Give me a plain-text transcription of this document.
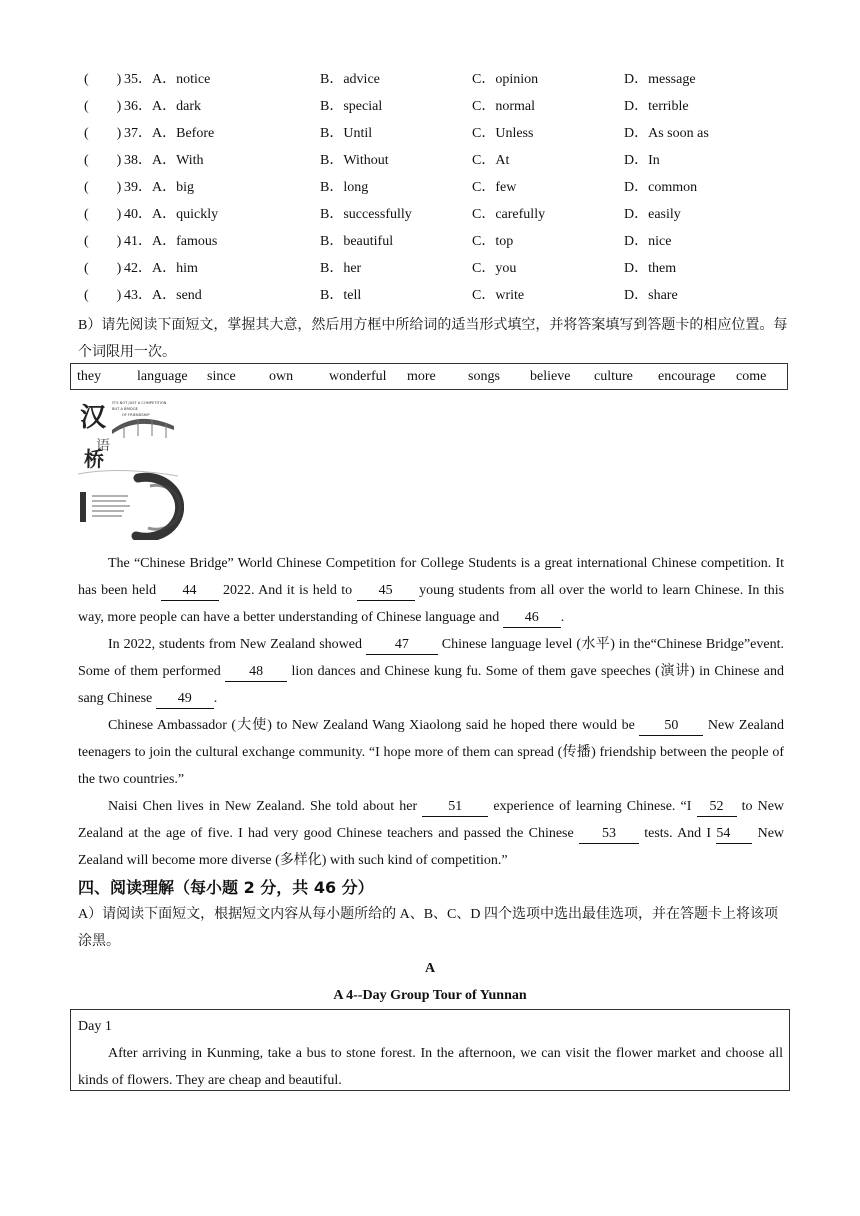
(　　) 35．A．notice	B．advice	C．opinion	D．message
(　　) 36．A．dark	B．special	C．normal	D．terrible
(　　) 37．A．Before	B．Until	C．Unless	D．As soon as
(　　) 38．A．With	B．Without	C．At	D．In
(　　) 39．A．big	B．long	C．few	D．common
(　　) 40．A．quickly	B．successfully	C．carefully	D．easily
(　　) 41．A．famous	B．beautiful	C．top	D．nice
(　　) 42．A．him	B．her	C．you	D．them
(　　) 43．A．send	B．tell	C．write	D．share
B）请先阅读下面短文，掌握其大意，然后用方框中所给词的适当形式填空，并将答案填写到答题卡的相应位置。每个词限用一次。
they	language since own	wonderful more songs believe culture encourage come
汉
语
桥
IT'S NOT JUST A COMPETITION
BUT A BRIDGE
OF FRIENDSHIP

The “Chinese Bridge” World Chinese Competition for College Students is a great international Chinese competition. It has been held 44 2022. And it is held to 45 young students from all over the world to learn Chinese. In this way, more people can have a better understanding of Chinese language and 46 .

In 2022, students from New Zealand showed 47 Chinese language level (水平) in the“Chinese Bridge”event. Some of them performed 48 lion dances and Chinese kung fu. Some of them gave speeches (演讲) in Chinese and sang Chinese 49 .

Chinese Ambassador (大使) to New Zealand Wang Xiaolong said he hoped there would be 50 New Zealand teenagers to join the cultural exchange community. “I hope more of them can spread (传播) friendship between the people of the two countries.”

Naisi Chen lives in New Zealand. She told about her 51 experience of learning Chinese. “I 52 to New Zealand at the age of five. I had very good Chinese teachers and passed the Chinese 53 tests. And I 54 New Zealand will become more diverse (多样化) with such kind of competition.”

四、阅读理解（每小题 2 分，共 46 分）
A）请阅读下面短文，根据短文内容从每小题所给的 A、B、C、D 四个选项中选出最佳选项，并在答题卡上将该项涂黑。
A
A 4--Day Group Tour of Yunnan
Day 1

After arriving in Kunming, take a bus to stone forest. In the afternoon, we can visit the flower market and choose all kinds of flowers. They are cheap and beautiful.
